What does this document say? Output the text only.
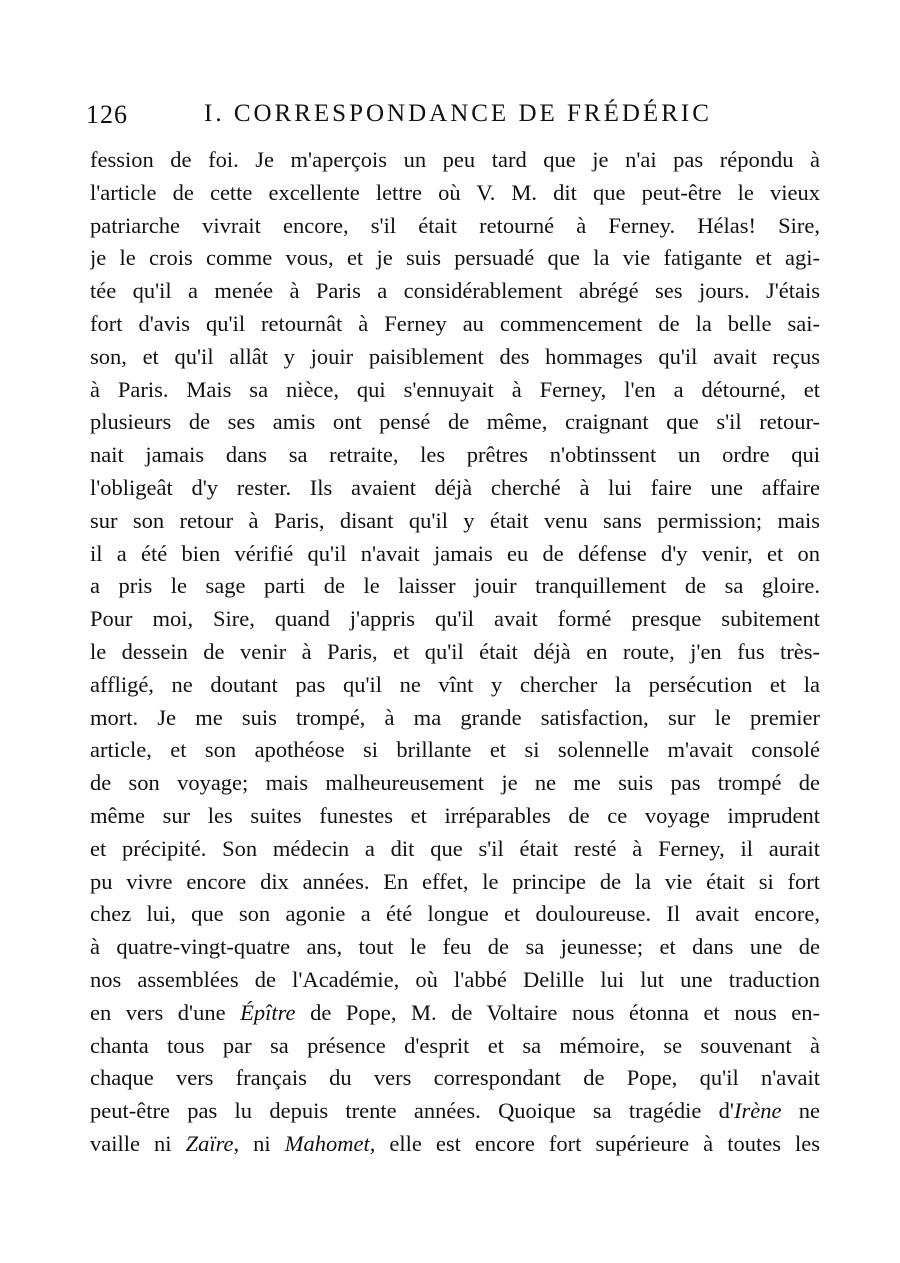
126	I. CORRESPONDANCE DE FRÉDÉRIC
fession de foi. Je m'aperçois un peu tard que je n'ai pas répondu à
l'article de cette excellente lettre où V. M. dit que peut-être le vieux
patriarche vivrait encore, s'il était retourné à Ferney. Hélas! Sire,
je le crois comme vous, et je suis persuadé que la vie fatigante et agi-
tée qu'il a menée à Paris a considérablement abrégé ses jours. J'étais
fort d'avis qu'il retournât à Ferney au commencement de la belle sai-
son, et qu'il allât y jouir paisiblement des hommages qu'il avait reçus
à Paris. Mais sa nièce, qui s'ennuyait à Ferney, l'en a détourné, et
plusieurs de ses amis ont pensé de même, craignant que s'il retour-
nait jamais dans sa retraite, les prêtres n'obtinssent un ordre qui
l'obligeât d'y rester. Ils avaient déjà cherché à lui faire une affaire
sur son retour à Paris, disant qu'il y était venu sans permission; mais
il a été bien vérifié qu'il n'avait jamais eu de défense d'y venir, et on
a pris le sage parti de le laisser jouir tranquillement de sa gloire.
Pour moi, Sire, quand j'appris qu'il avait formé presque subitement
le dessein de venir à Paris, et qu'il était déjà en route, j'en fus très-
affligé, ne doutant pas qu'il ne vînt y chercher la persécution et la
mort. Je me suis trompé, à ma grande satisfaction, sur le premier
article, et son apothéose si brillante et si solennelle m'avait consolé
de son voyage; mais malheureusement je ne me suis pas trompé de
même sur les suites funestes et irréparables de ce voyage imprudent
et précipité. Son médecin a dit que s'il était resté à Ferney, il aurait
pu vivre encore dix années. En effet, le principe de la vie était si fort
chez lui, que son agonie a été longue et douloureuse. Il avait encore,
à quatre-vingt-quatre ans, tout le feu de sa jeunesse; et dans une de
nos assemblées de l'Académie, où l'abbé Delille lui lut une traduction
en vers d'une Épître de Pope, M. de Voltaire nous étonna et nous en-
chanta tous par sa présence d'esprit et sa mémoire, se souvenant à
chaque vers français du vers correspondant de Pope, qu'il n'avait
peut-être pas lu depuis trente années. Quoique sa tragédie d'Irène ne
vaille ni Zaïre, ni Mahomet, elle est encore fort supérieure à toutes les
